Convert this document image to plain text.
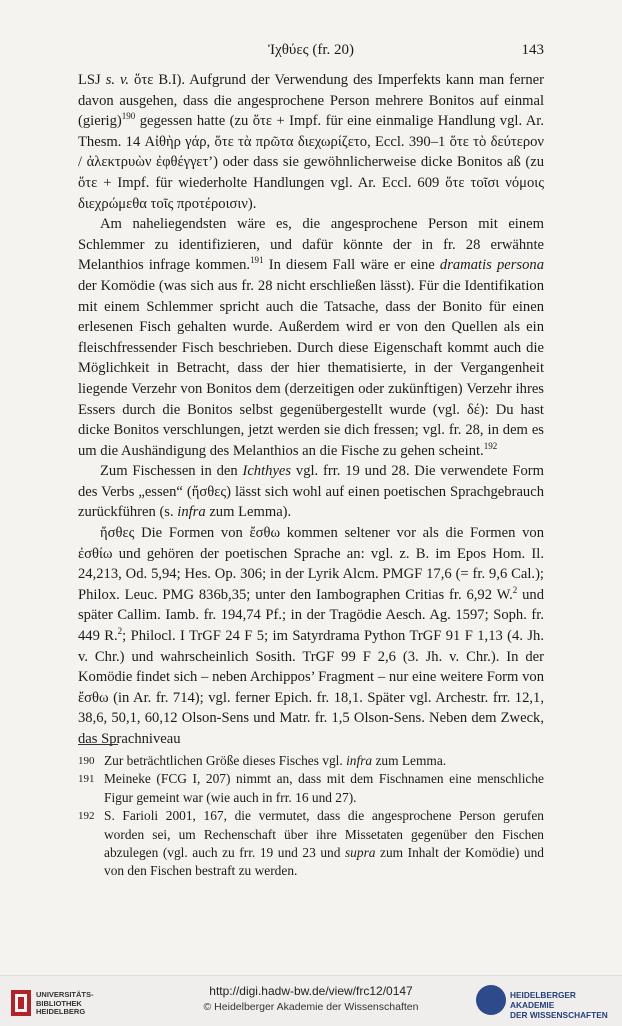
Ἰχθύες (fr. 20)	143

LSJ s. v. ὅτε B.I). Aufgrund der Verwendung des Imperfekts kann man ferner davon ausgehen, dass die angesprochene Person mehrere Bonitos auf einmal (gierig)$^{190}$ gegessen hatte (zu ὅτε + Impf. für eine einmalige Handlung vgl. Ar. Thesm. 14 Αἰθὴρ γάρ, ὅτε τὰ πρῶτα διεχωρίζετο, Eccl. 390–1 ὅτε τὸ δεύτερον / ἀλεκτρυὼν ἐφθέγγετ’) oder dass sie gewöhnlicherweise dicke Bonitos aß (zu ὅτε + Impf. für wiederholte Handlungen vgl. Ar. Eccl. 609 ὅτε τοῖσι νόμοις διεχρώμεθα τοῖς προτέροισιν).

Am naheliegendsten wäre es, die angesprochene Person mit einem Schlemmer zu identifizieren, und dafür könnte der in fr. 28 erwähnte Melanthios infrage kommen.$^{191}$ In diesem Fall wäre er eine dramatis persona der Komödie (was sich aus fr. 28 nicht erschließen lässt). Für die Identifikation mit einem Schlemmer spricht auch die Tatsache, dass der Bonito für einen erlesenen Fisch gehalten wurde. Außerdem wird er von den Quellen als ein fleischfressender Fisch beschrieben. Durch diese Eigenschaft kommt auch die Möglichkeit in Betracht, dass der hier thematisierte, in der Vergangenheit liegende Verzehr von Bonitos dem (derzeitigen oder zukünftigen) Verzehr ihres Essers durch die Bonitos selbst gegenübergestellt wurde (vgl. δέ): Du hast dicke Bonitos verschlungen, jetzt werden sie dich fressen; vgl. fr. 28, in dem es um die Aushändigung des Melanthios an die Fische zu gehen scheint.$^{192}$

Zum Fischessen in den Ichthyes vgl. frr. 19 und 28. Die verwendete Form des Verbs „essen“ (ἤσθες) lässt sich wohl auf einen poetischen Sprachgebrauch zurückführen (s. infra zum Lemma).

ἤσθες Die Formen von ἔσθω kommen seltener vor als die Formen von ἐσθίω und gehören der poetischen Sprache an: vgl. z. B. im Epos Hom. Il. 24,213, Od. 5,94; Hes. Op. 306; in der Lyrik Alcm. PMGF 17,6 (= fr. 9,6 Cal.); Philox. Leuc. PMG 836b,35; unter den Iambographen Critias fr. 6,92 W.$^2$ und später Callim. Iamb. fr. 194,74 Pf.; in der Tragödie Aesch. Ag. 1597; Soph. fr. 449 R.$^2$; Philocl. I TrGF 24 F 5; im Satyrdrama Python TrGF 91 F 1,13 (4. Jh. v. Chr.) und wahrscheinlich Sosith. TrGF 99 F 2,6 (3. Jh. v. Chr.). In der Komödie findet sich – neben Archippos’ Fragment – nur eine weitere Form von ἔσθω (in Ar. fr. 714); vgl. ferner Epich. fr. 18,1. Später vgl. Archestr. frr. 12,1, 38,6, 50,1, 60,12 Olson-Sens und Matr. fr. 1,5 Olson-Sens. Neben dem Zweck, das Sprachniveau

190 Zur beträchtlichen Größe dieses Fisches vgl. infra zum Lemma.
191 Meineke (FCG I, 207) nimmt an, dass mit dem Fischnamen eine menschliche Figur gemeint war (wie auch in frr. 16 und 27).
192 S. Farioli 2001, 167, die vermutet, dass die angesprochene Person gerufen worden sei, um Rechenschaft über ihre Missetaten gegenüber den Fischen abzulegen (vgl. auch zu frr. 19 und 23 und supra zum Inhalt der Komödie) und von den Fischen bestraft zu werden.
UNIVERSITÄTS-
BIBLIOTHEK
HEIDELBERG
http://digi.hadw-bw.de/view/frc12/0147
© Heidelberger Akademie der Wissenschaften
HEIDELBERGER AKADEMIE
DER WISSENSCHAFTEN
